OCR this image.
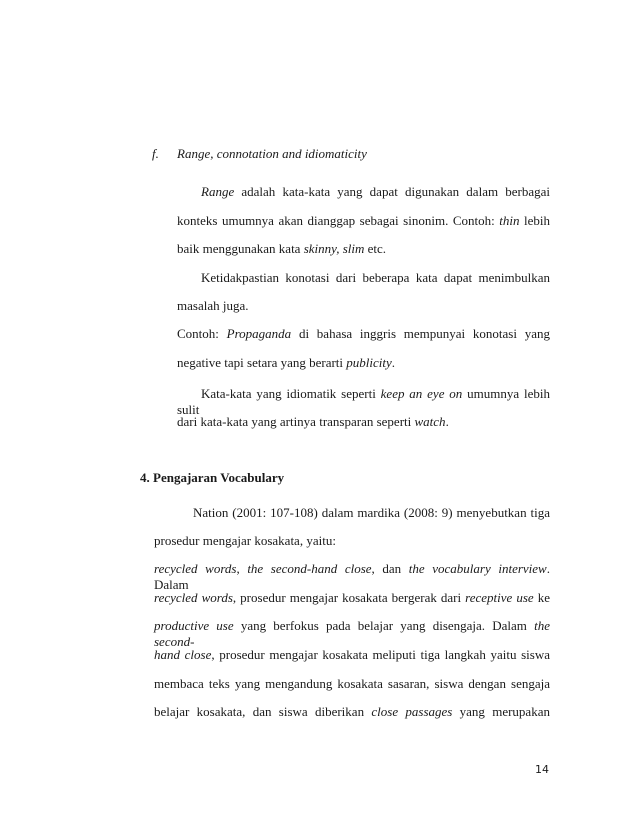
f. Range, connotation and idiomaticity
Range adalah kata-kata yang dapat digunakan dalam berbagai
konteks umumnya akan dianggap sebagai sinonim. Contoh: thin lebih
baik menggunakan kata skinny, slim etc.
Ketidakpastian konotasi dari beberapa kata dapat menimbulkan
masalah juga.
Contoh: Propaganda di bahasa inggris mempunyai konotasi yang
negative tapi setara yang berarti publicity.
Kata-kata yang idiomatik seperti keep an eye on umumnya lebih sulit
dari kata-kata yang artinya transparan seperti watch.
4. Pengajaran Vocabulary
Nation (2001: 107-108) dalam mardika (2008: 9) menyebutkan tiga
prosedur mengajar kosakata, yaitu:
recycled words, the second-hand close, dan the vocabulary interview. Dalam
recycled words, prosedur mengajar kosakata bergerak dari receptive use ke
productive use yang berfokus pada belajar yang disengaja. Dalam the second-
hand close, prosedur mengajar kosakata meliputi tiga langkah yaitu siswa
membaca teks yang mengandung kosakata sasaran, siswa dengan sengaja
belajar kosakata, dan siswa diberikan close passages yang merupakan
14
